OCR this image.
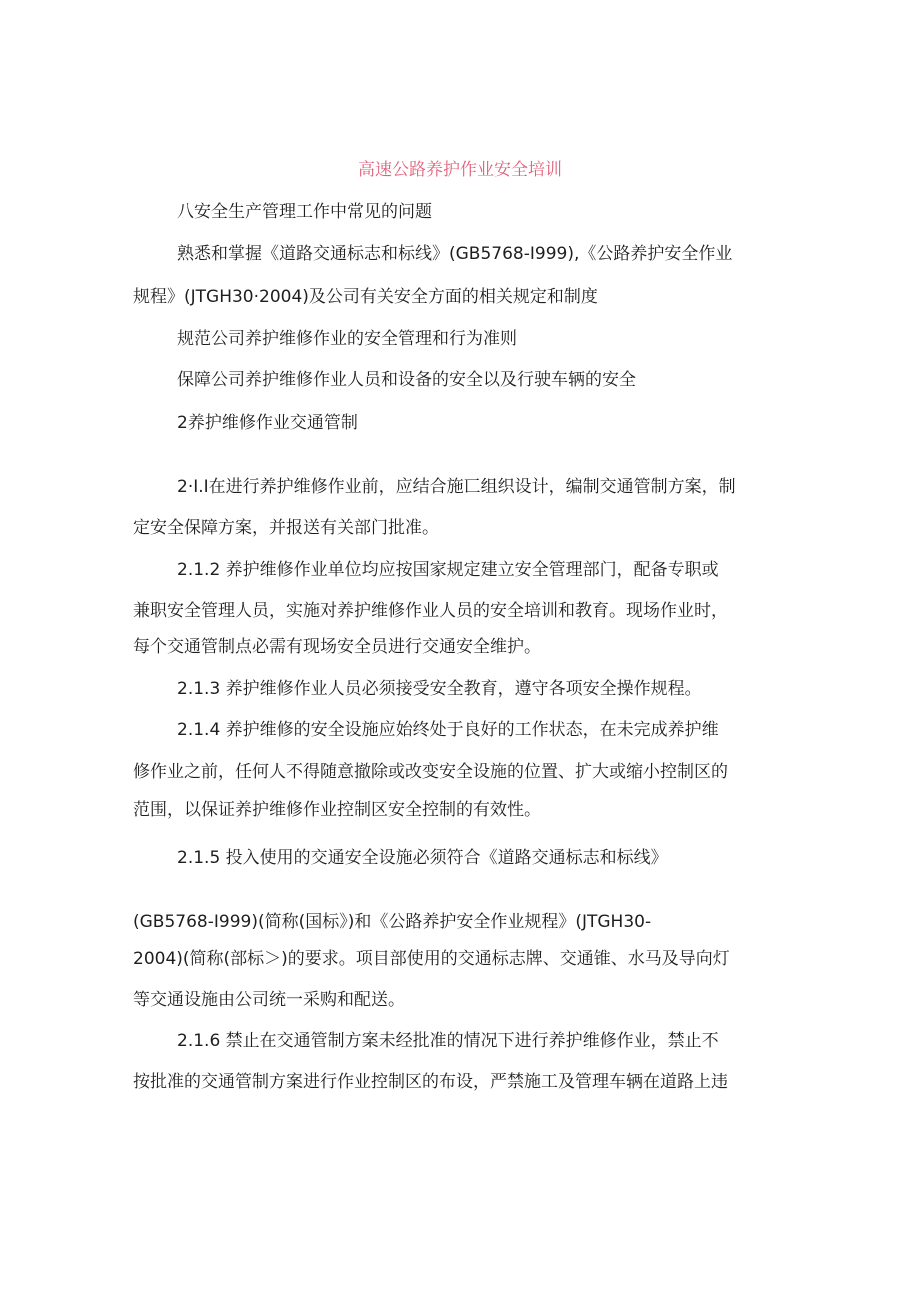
高速公路养护作业安全培训
八安全生产管理工作中常见的问题
熟悉和掌握《道路交通标志和标线》(GB5768-I999),《公路养护安全作业
规程》(JTGH30·2004)及公司有关安全方面的相关规定和制度
规范公司养护维修作业的安全管理和行为准则
保障公司养护维修作业人员和设备的安全以及行驶车辆的安全
2养护维修作业交通管制
2·I.I在进行养护维修作业前，应结合施匸组织设计，编制交通管制方案，制
定安全保障方案，并报送有关部门批准。
2.1.2 养护维修作业单位均应按国家规定建立安全管理部门，配备专职或
兼职安全管理人员，实施对养护维修作业人员的安全培训和教育。现场作业时，
每个交通管制点必需有现场安全员进行交通安全维护。
2.1.3 养护维修作业人员必须接受安全教育，遵守各项安全操作规程。
2.1.4 养护维修的安全设施应始终处于良好的工作状态，在未完成养护维
修作业之前，任何人不得随意撤除或改变安全设施的位置、扩大或缩小控制区的
范围，以保证养护维修作业控制区安全控制的有效性。
2.1.5 投入使用的交通安全设施必须符合《道路交通标志和标线》
(GB5768-I999)(简称(国标》)和《公路养护安全作业规程》(JTGH30-
2004)(简称(部标＞)的要求。项目部使用的交通标志牌、交通锥、水马及导向灯
等交通设施由公司统一采购和配送。
2.1.6 禁止在交通管制方案未经批准的情况下进行养护维修作业，禁止不
按批准的交通管制方案进行作业控制区的布设，严禁施工及管理车辆在道路上违
